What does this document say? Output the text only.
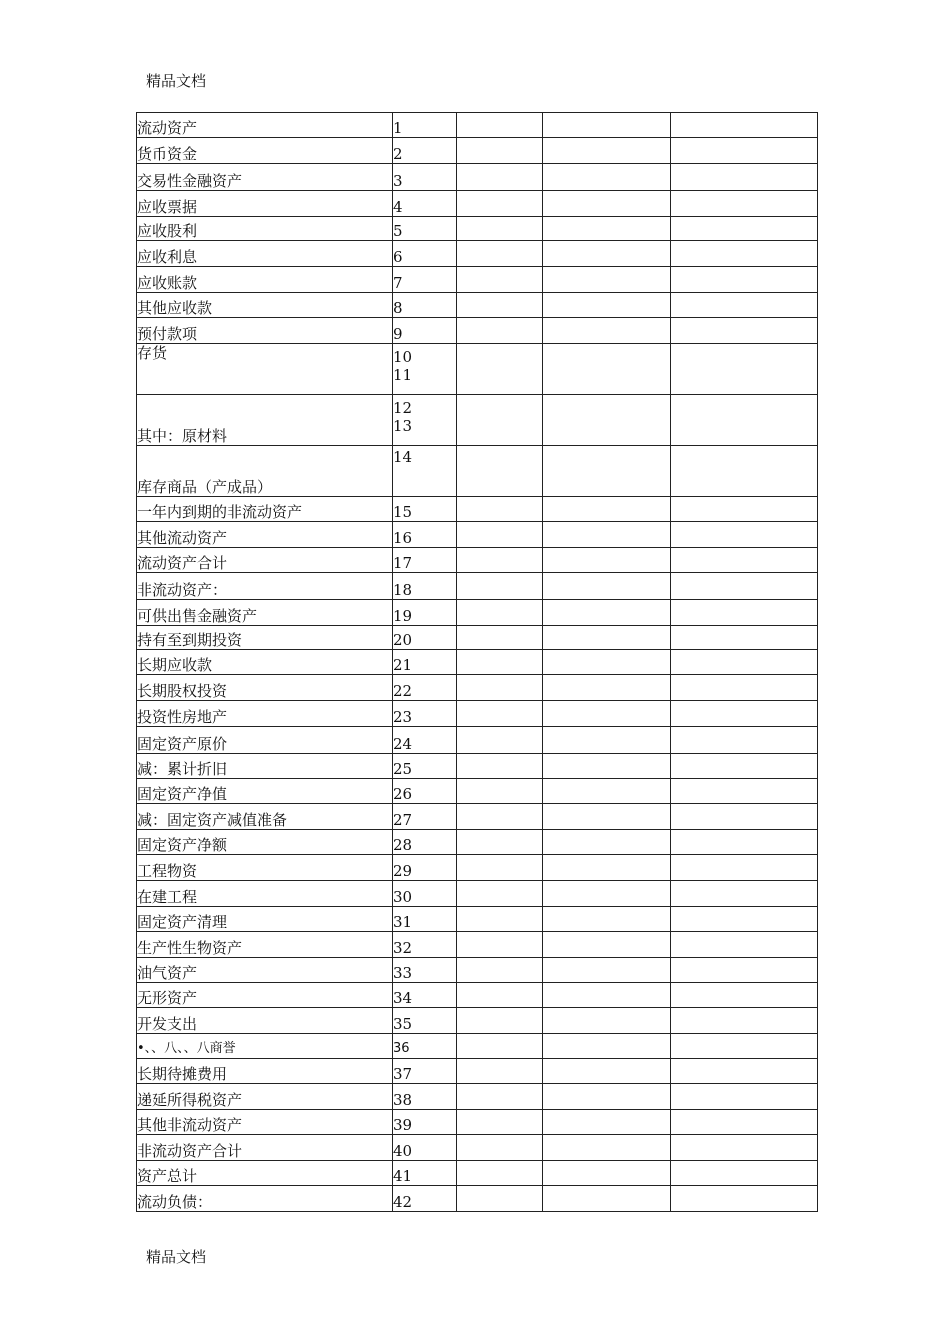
精品文档
流动资产	1			

货币资金	2			

交易性金融资产	3			

应收票据	4			

应收股利	5			

应收利息	6			

应收账款	7			

其他应收款	8			

预付款项	9			

存货	10
11			

其中：原材料	12
13			

库存商品（产成品）	14			

一年内到期的非流动资产	15			

其他流动资产	16			

流动资产合计	17			

非流动资产：	18			

可供出售金融资产	19			

持有至到期投资	20			

长期应收款	21			

长期股权投资	22			

投资性房地产	23			

固定资产原价	24			

减：累计折旧	25			

固定资产净值	26			

减：固定资产减值准备	27			

固定资产净额	28			

工程物资	29			

在建工程	30			

固定资产清理	31			

生产性生物资产	32			

油气资产	33			

无形资产	34			

开发支出	35			

•、、八、、八商誉	36			

长期待摊费用	37			

递延所得税资产	38			

其他非流动资产	39			

非流动资产合计	40			

资产总计	41			

流动负债：	42			

精品文档
